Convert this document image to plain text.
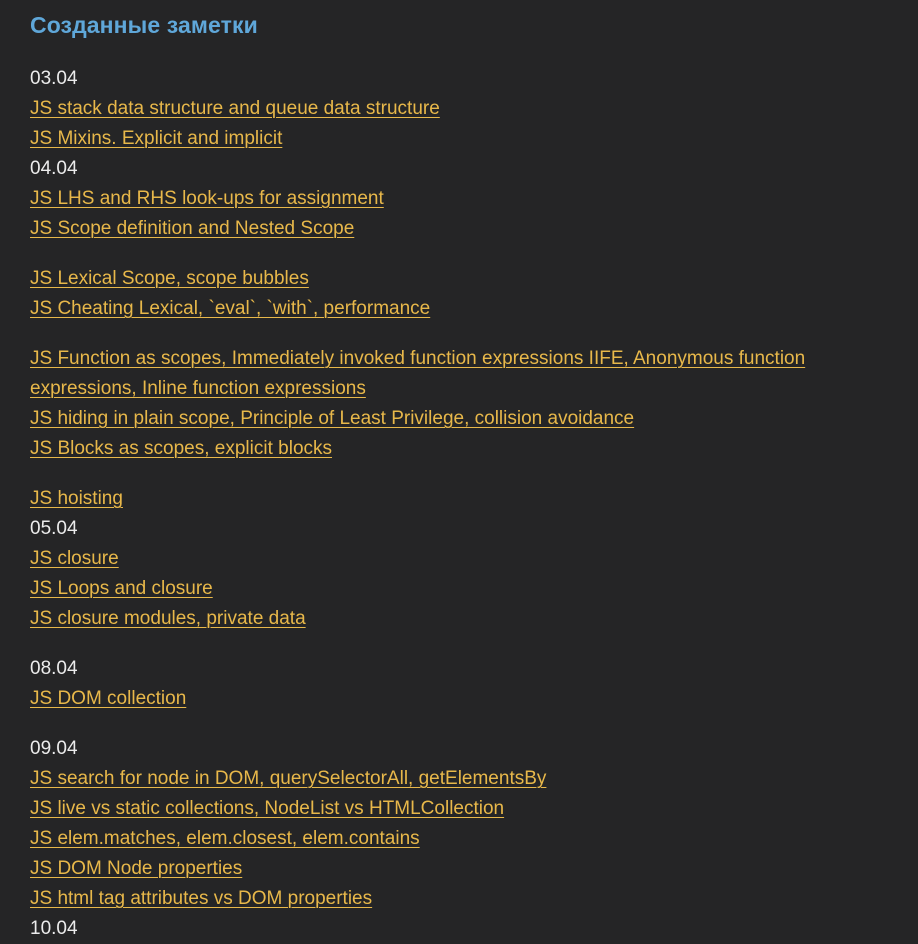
Созданные заметки
03.04
JS stack data structure and queue data structure
JS Mixins. Explicit and implicit
04.04
JS LHS and RHS look-ups for assignment
JS Scope definition and Nested Scope
JS Lexical Scope, scope bubbles
JS Cheating Lexical, `eval`, `with`, performance
JS Function as scopes, Immediately invoked function expressions IIFE, Anonymous function expressions, Inline function expressions
JS hiding in plain scope, Principle of Least Privilege, collision avoidance
JS Blocks as scopes, explicit blocks
JS hoisting
05.04
JS closure
JS Loops and closure
JS closure modules, private data
08.04
JS DOM collection
09.04
JS search for node in DOM, querySelectorAll, getElementsBy
JS live vs static collections, NodeList vs HTMLCollection
JS elem.matches, elem.closest, elem.contains
JS DOM Node properties
JS html tag attributes vs DOM properties
10.04
